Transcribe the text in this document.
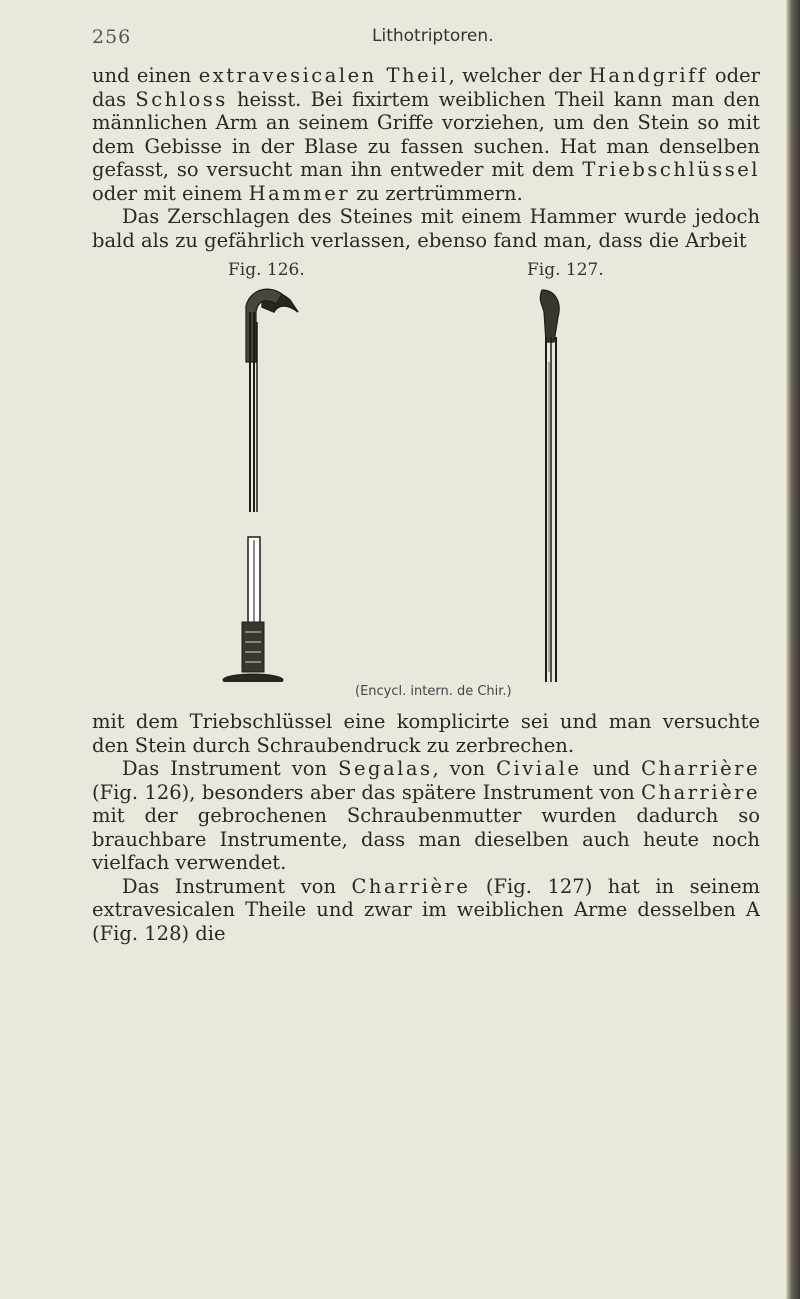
256	Lithotriptoren.

und einen extravesicalen Theil, welcher der Handgriff oder das Schloss heisst. Bei fixirtem weiblichen Theil kann man den männlichen Arm an seinem Griffe vorziehen, um den Stein so mit dem Gebisse in der Blase zu fassen suchen. Hat man denselben gefasst, so versucht man ihn entweder mit dem Triebschlüssel oder mit einem Hammer zu zertrümmern.

Das Zerschlagen des Steines mit einem Hammer wurde jedoch bald als zu gefährlich verlassen, ebenso fand man, dass die Arbeit

Fig. 126.	Fig. 127.
(Encycl. intern. de Chir.)

mit dem Triebschlüssel eine komplicirte sei und man versuchte den Stein durch Schraubendruck zu zerbrechen.

Das Instrument von Segalas, von Civiale und Charrière (Fig. 126), besonders aber das spätere Instrument von Charrière mit der gebrochenen Schraubenmutter wurden dadurch so brauchbare Instrumente, dass man dieselben auch heute noch vielfach verwendet.

Das Instrument von Charrière (Fig. 127) hat in seinem extravesicalen Theile und zwar im weiblichen Arme desselben A (Fig. 128) die
